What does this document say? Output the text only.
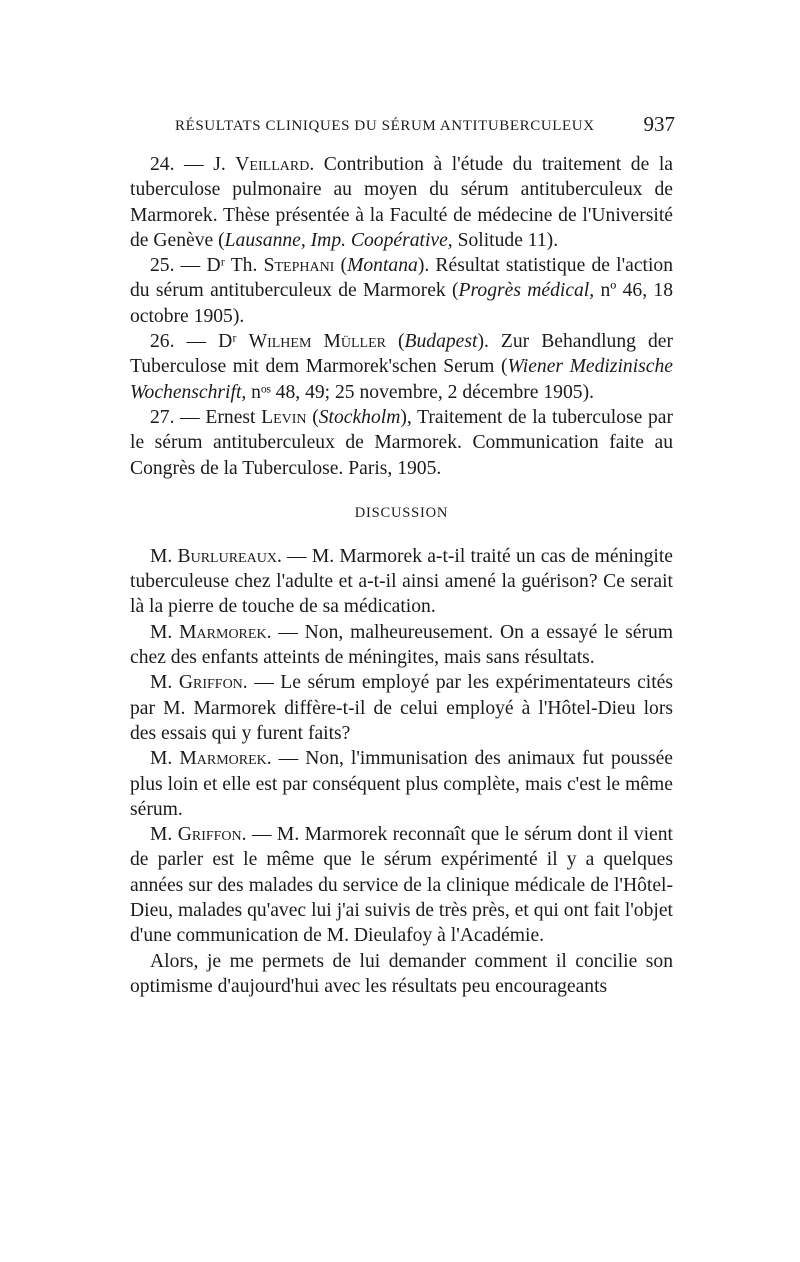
RÉSULTATS CLINIQUES DU SÉRUM ANTITUBERCULEUX 937

24. — J. Veillard. Contribution à l'étude du traitement de la tuberculose pulmonaire au moyen du sérum antituberculeux de Marmorek. Thèse présentée à la Faculté de médecine de l'Université de Genève (Lausanne, Imp. Coopérative, Solitude 11).

25. — Dʳ Th. Stephani (Montana). Résultat statistique de l'action du sérum antituberculeux de Marmorek (Progrès médical, nº 46, 18 octobre 1905).

26. — Dʳ Wilhem Müller (Budapest). Zur Behandlung der Tuberculose mit dem Marmorek'schen Serum (Wiener Medizinische Wochenschrift, nᵒˢ 48, 49; 25 novembre, 2 décembre 1905).

27. — Ernest Levin (Stockholm), Traitement de la tuberculose par le sérum antituberculeux de Marmorek. Communication faite au Congrès de la Tuberculose. Paris, 1905.

DISCUSSION

M. Burlureaux. — M. Marmorek a-t-il traité un cas de méningite tuberculeuse chez l'adulte et a-t-il ainsi amené la guérison? Ce serait là la pierre de touche de sa médication.

M. Marmorek. — Non, malheureusement. On a essayé le sérum chez des enfants atteints de méningites, mais sans résultats.

M. Griffon. — Le sérum employé par les expérimentateurs cités par M. Marmorek diffère-t-il de celui employé à l'Hôtel-Dieu lors des essais qui y furent faits?

M. Marmorek. — Non, l'immunisation des animaux fut poussée plus loin et elle est par conséquent plus complète, mais c'est le même sérum.

M. Griffon. — M. Marmorek reconnaît que le sérum dont il vient de parler est le même que le sérum expérimenté il y a quelques années sur des malades du service de la clinique médicale de l'Hôtel-Dieu, malades qu'avec lui j'ai suivis de très près, et qui ont fait l'objet d'une communication de M. Dieulafoy à l'Académie.

Alors, je me permets de lui demander comment il concilie son optimisme d'aujourd'hui avec les résultats peu encourageants
